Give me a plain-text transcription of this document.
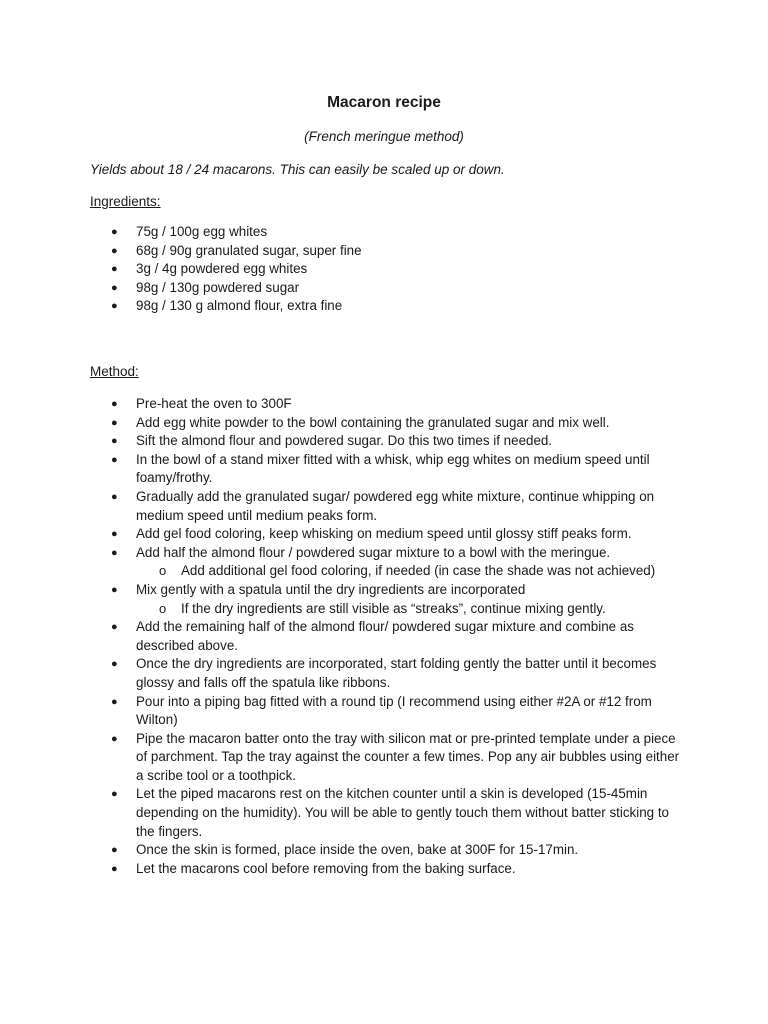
Macaron recipe
(French meringue method)
Yields about 18 / 24 macarons. This can easily be scaled up or down.
Ingredients:
● 75g / 100g egg whites
● 68g / 90g granulated sugar, super fine
● 3g / 4g powdered egg whites
● 98g / 130g powdered sugar
● 98g / 130 g almond flour, extra fine
Method:
● Pre-heat the oven to 300F
● Add egg white powder to the bowl containing the granulated sugar and mix well.
● Sift the almond flour and powdered sugar. Do this two times if needed.
● In the bowl of a stand mixer fitted with a whisk, whip egg whites on medium speed until foamy/frothy.
● Gradually add the granulated sugar/ powdered egg white mixture, continue whipping on medium speed until medium peaks form.
● Add gel food coloring, keep whisking on medium speed until glossy stiff peaks form.
● Add half the almond flour / powdered sugar mixture to a bowl with the meringue.
o Add additional gel food coloring, if needed (in case the shade was not achieved)
● Mix gently with a spatula until the dry ingredients are incorporated
o If the dry ingredients are still visible as “streaks”, continue mixing gently.
● Add the remaining half of the almond flour/ powdered sugar mixture and combine as described above.
● Once the dry ingredients are incorporated, start folding gently the batter until it becomes glossy and falls off the spatula like ribbons.
● Pour into a piping bag fitted with a round tip (I recommend using either #2A or #12 from Wilton)
● Pipe the macaron batter onto the tray with silicon mat or pre-printed template under a piece of parchment. Tap the tray against the counter a few times. Pop any air bubbles using either a scribe tool or a toothpick.
● Let the piped macarons rest on the kitchen counter until a skin is developed (15-45min depending on the humidity). You will be able to gently touch them without batter sticking to the fingers.
● Once the skin is formed, place inside the oven, bake at 300F for 15-17min.
● Let the macarons cool before removing from the baking surface.
